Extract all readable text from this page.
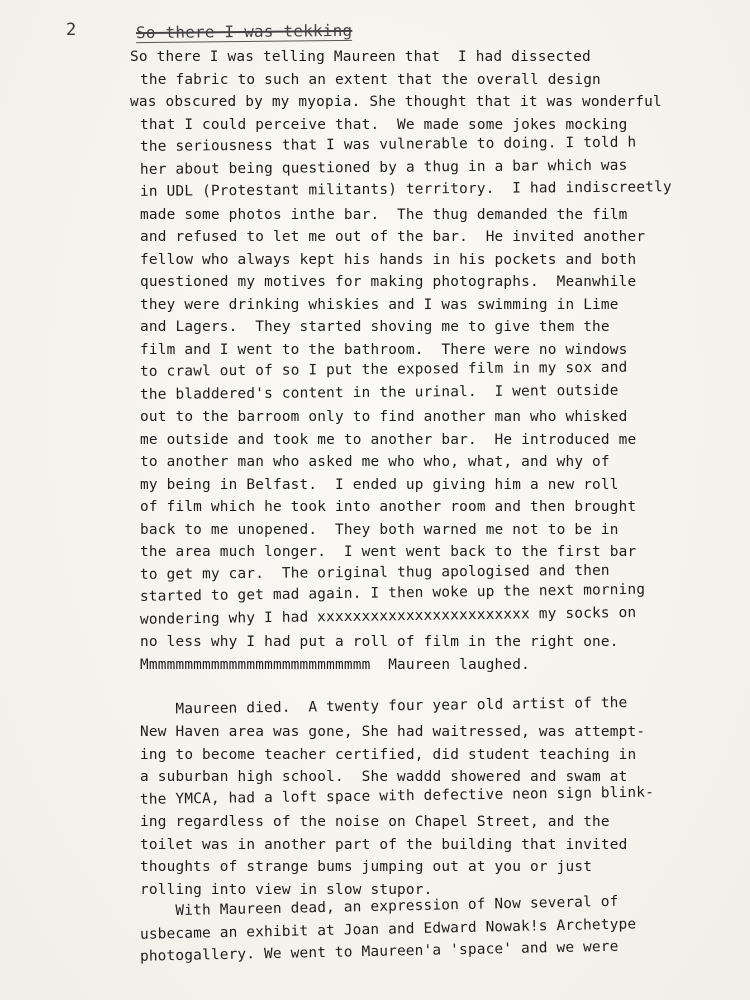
2	So there I was tekking
So there I was telling Maureen that  I had dissected
the fabric to such an extent that the overall design
was obscured by my myopia. She thought that it was wonderful
that I could perceive that.  We made some jokes mocking
the seriousness that I was vulnerable to doing. I told h
her about being questioned by a thug in a bar which was
in UDL (Protestant militants) territory.  I had indiscreetly
made some photos inthe bar.  The thug demanded the film
and refused to let me out of the bar.  He invited another
fellow who always kept his hands in his pockets and both
questioned my motives for making photographs.  Meanwhile
they were drinking whiskies and I was swimming in Lime
and Lagers.  They started shoving me to give them the
film and I went to the bathroom.  There were no windows
to crawl out of so I put the exposed film in my sox and
the bladdered's content in the urinal.  I went outside
out to the barroom only to find another man who whisked
me outside and took me to another bar.  He introduced me
to another man who asked me who who, what, and why of
my being in Belfast.  I ended up giving him a new roll
of film which he took into another room and then brought
back to me unopened.  They both warned me not to be in
the area much longer.  I went went back to the first bar
to get my car.  The original thug apologised and then
started to get mad again. I then woke up the next morning
wondering why I had xxxxxxxxxxxxxxxxxxxxxxxx my socks on
no less why I had put a roll of film in the right one.
Mmmmmmmmmmmmmmmmmmmmmmmmmm  Maureen laughed.
Maureen died.  A twenty four year old artist of the
New Haven area was gone, She had waitressed, was attempt-
ing to become teacher certified, did student teaching in
a suburban high school.  She waddd showered and swam at
the YMCA, had a loft space with defective neon sign blink-
ing regardless of the noise on Chapel Street, and the
toilet was in another part of the building that invited
thoughts of strange bums jumping out at you or just
rolling into view in slow stupor.
With Maureen dead, an expression of Now several of
usbecame an exhibit at Joan and Edward Nowak!s Archetype
photogallery. We went to Maureen'a 'space' and we were
